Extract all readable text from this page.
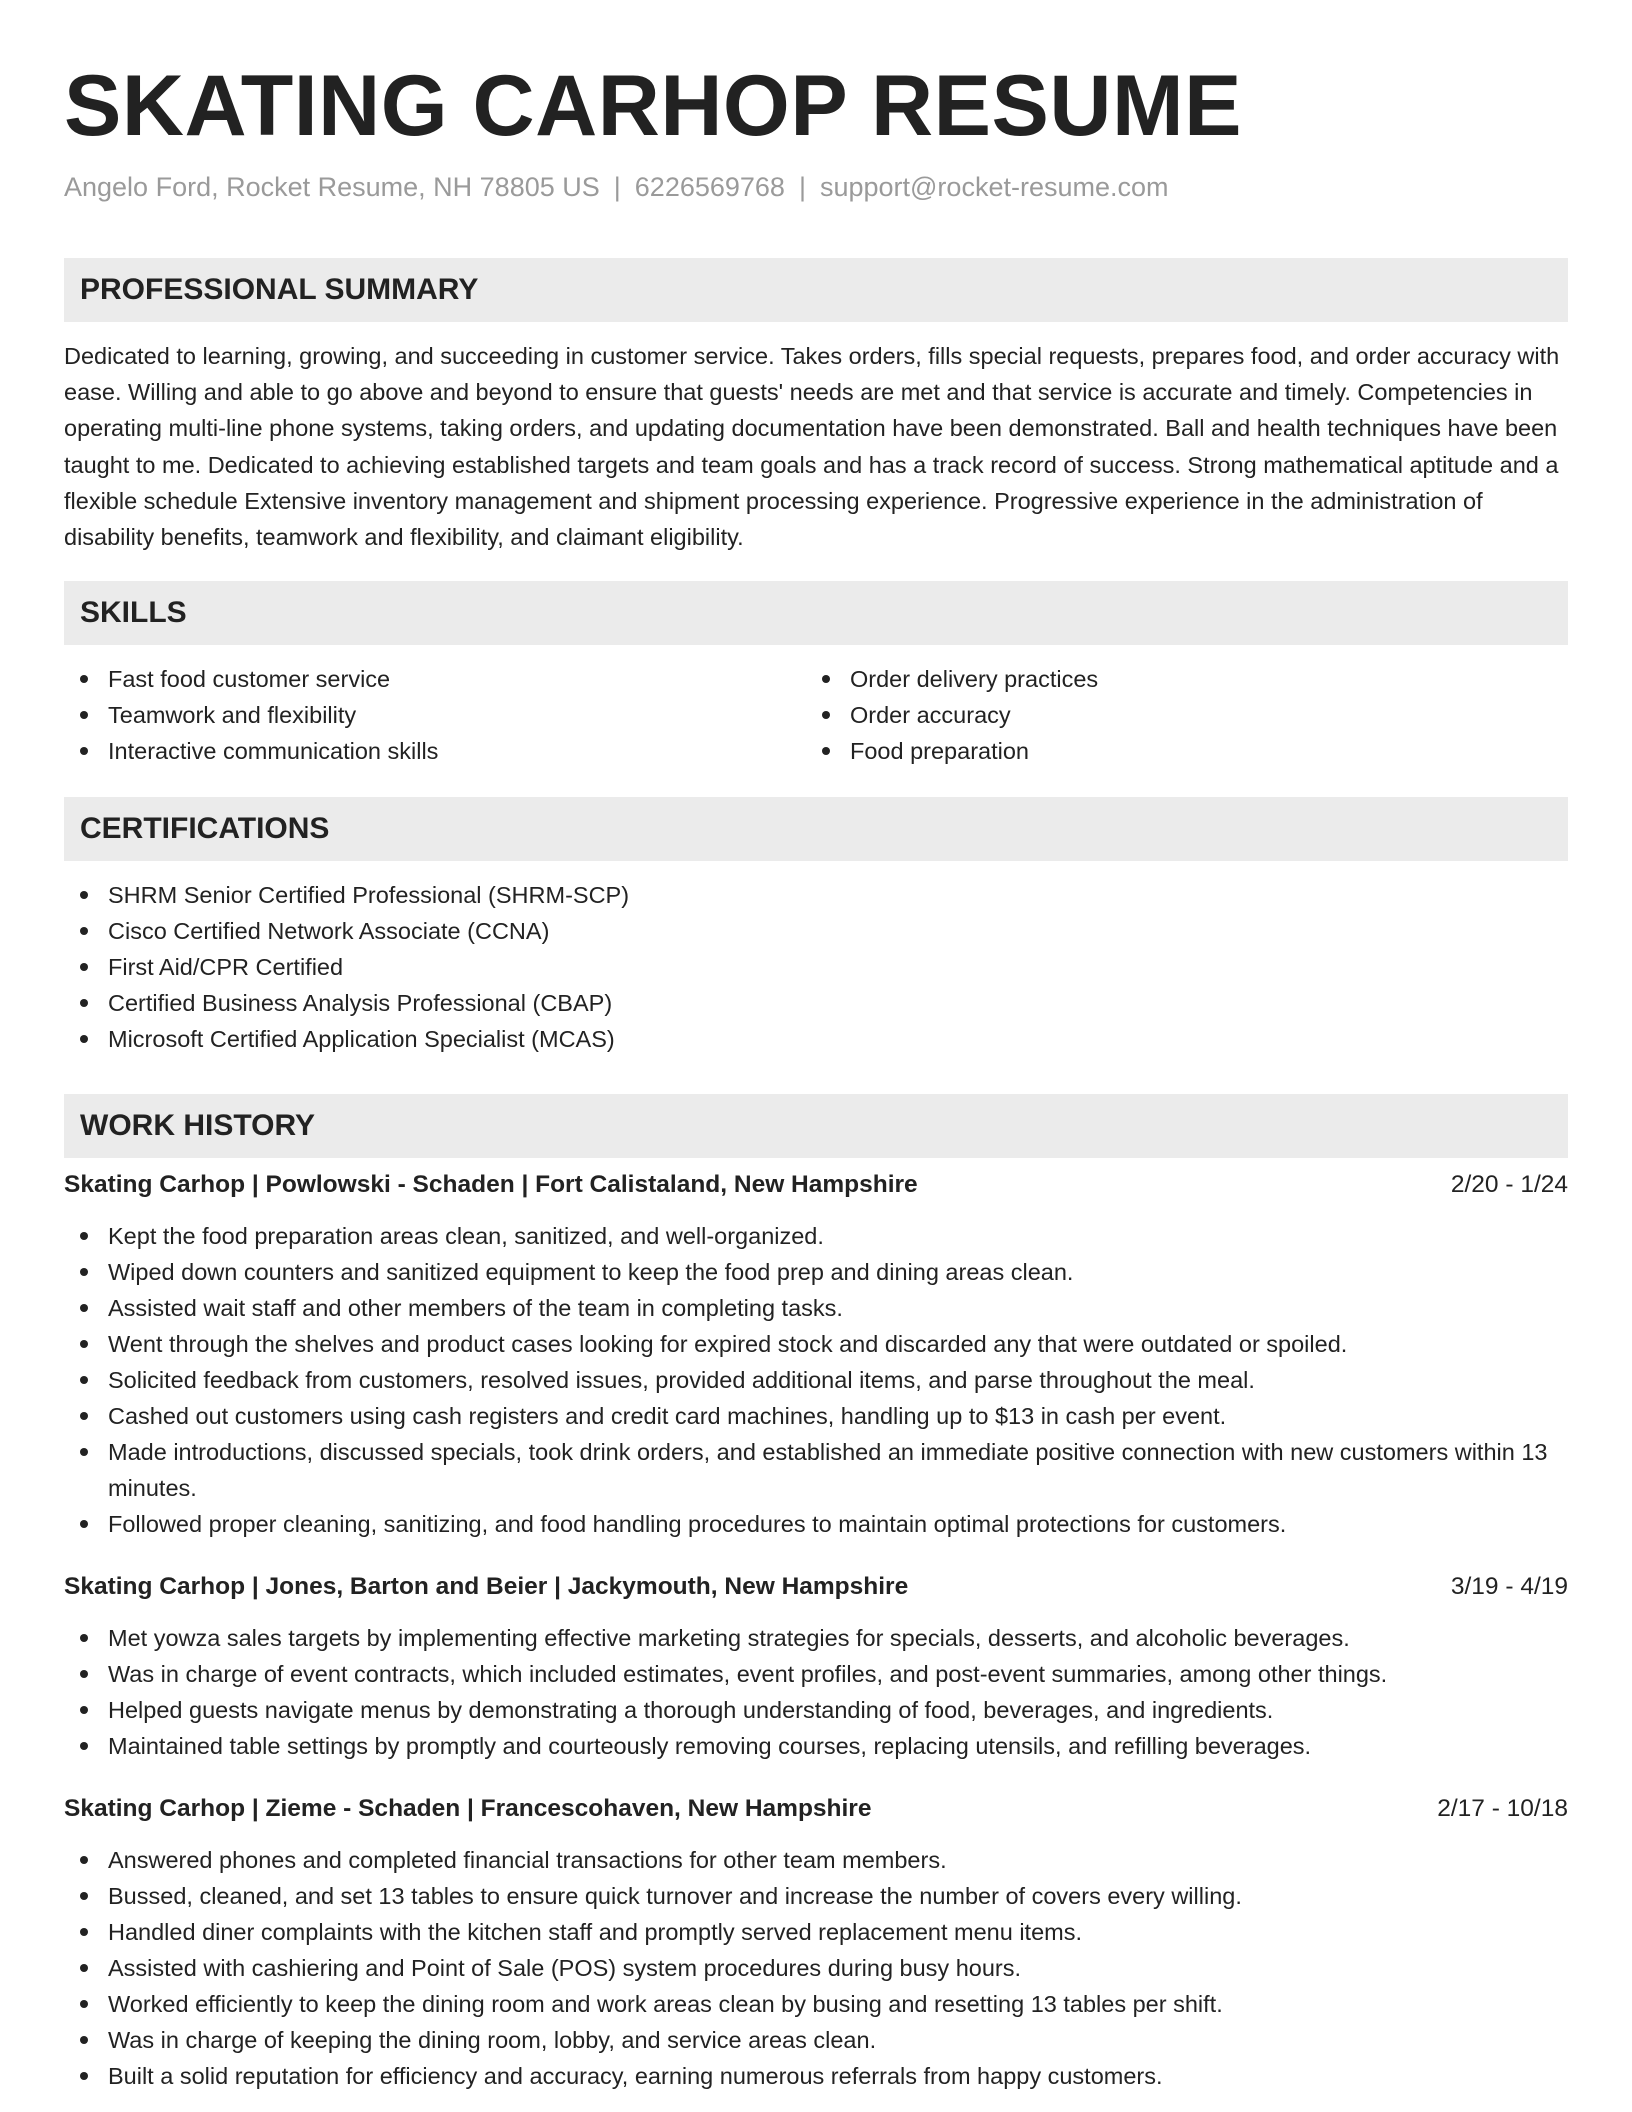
SKATING CARHOP RESUME
Angelo Ford, Rocket Resume, NH 78805 US | 6226569768 | support@rocket-resume.com
PROFESSIONAL SUMMARY

Dedicated to learning, growing, and succeeding in customer service. Takes orders, fills special requests, prepares food, and order accuracy with ease. Willing and able to go above and beyond to ensure that guests' needs are met and that service is accurate and timely. Competencies in operating multi-line phone systems, taking orders, and updating documentation have been demonstrated. Ball and health techniques have been taught to me. Dedicated to achieving established targets and team goals and has a track record of success. Strong mathematical aptitude and a flexible schedule Extensive inventory management and shipment processing experience. Progressive experience in the administration of disability benefits, teamwork and flexibility, and claimant eligibility.

SKILLS
Fast food customer service
Teamwork and flexibility
Interactive communication skills
Order delivery practices
Order accuracy
Food preparation
CERTIFICATIONS
SHRM Senior Certified Professional (SHRM-SCP)
Cisco Certified Network Associate (CCNA)
First Aid/CPR Certified
Certified Business Analysis Professional (CBAP)
Microsoft Certified Application Specialist (MCAS)
WORK HISTORY
Skating Carhop | Powlowski - Schaden | Fort Calistaland, New Hampshire	2/20 - 1/24
Kept the food preparation areas clean, sanitized, and well-organized.
Wiped down counters and sanitized equipment to keep the food prep and dining areas clean.
Assisted wait staff and other members of the team in completing tasks.
Went through the shelves and product cases looking for expired stock and discarded any that were outdated or spoiled.
Solicited feedback from customers, resolved issues, provided additional items, and parse throughout the meal.
Cashed out customers using cash registers and credit card machines, handling up to $13 in cash per event.
Made introductions, discussed specials, took drink orders, and established an immediate positive connection with new customers within 13 minutes.
Followed proper cleaning, sanitizing, and food handling procedures to maintain optimal protections for customers.
Skating Carhop | Jones, Barton and Beier | Jackymouth, New Hampshire	3/19 - 4/19
Met yowza sales targets by implementing effective marketing strategies for specials, desserts, and alcoholic beverages.
Was in charge of event contracts, which included estimates, event profiles, and post-event summaries, among other things.
Helped guests navigate menus by demonstrating a thorough understanding of food, beverages, and ingredients.
Maintained table settings by promptly and courteously removing courses, replacing utensils, and refilling beverages.
Skating Carhop | Zieme - Schaden | Francescohaven, New Hampshire	2/17 - 10/18
Answered phones and completed financial transactions for other team members.
Bussed, cleaned, and set 13 tables to ensure quick turnover and increase the number of covers every willing.
Handled diner complaints with the kitchen staff and promptly served replacement menu items.
Assisted with cashiering and Point of Sale (POS) system procedures during busy hours.
Worked efficiently to keep the dining room and work areas clean by busing and resetting 13 tables per shift.
Was in charge of keeping the dining room, lobby, and service areas clean.
Built a solid reputation for efficiency and accuracy, earning numerous referrals from happy customers.
